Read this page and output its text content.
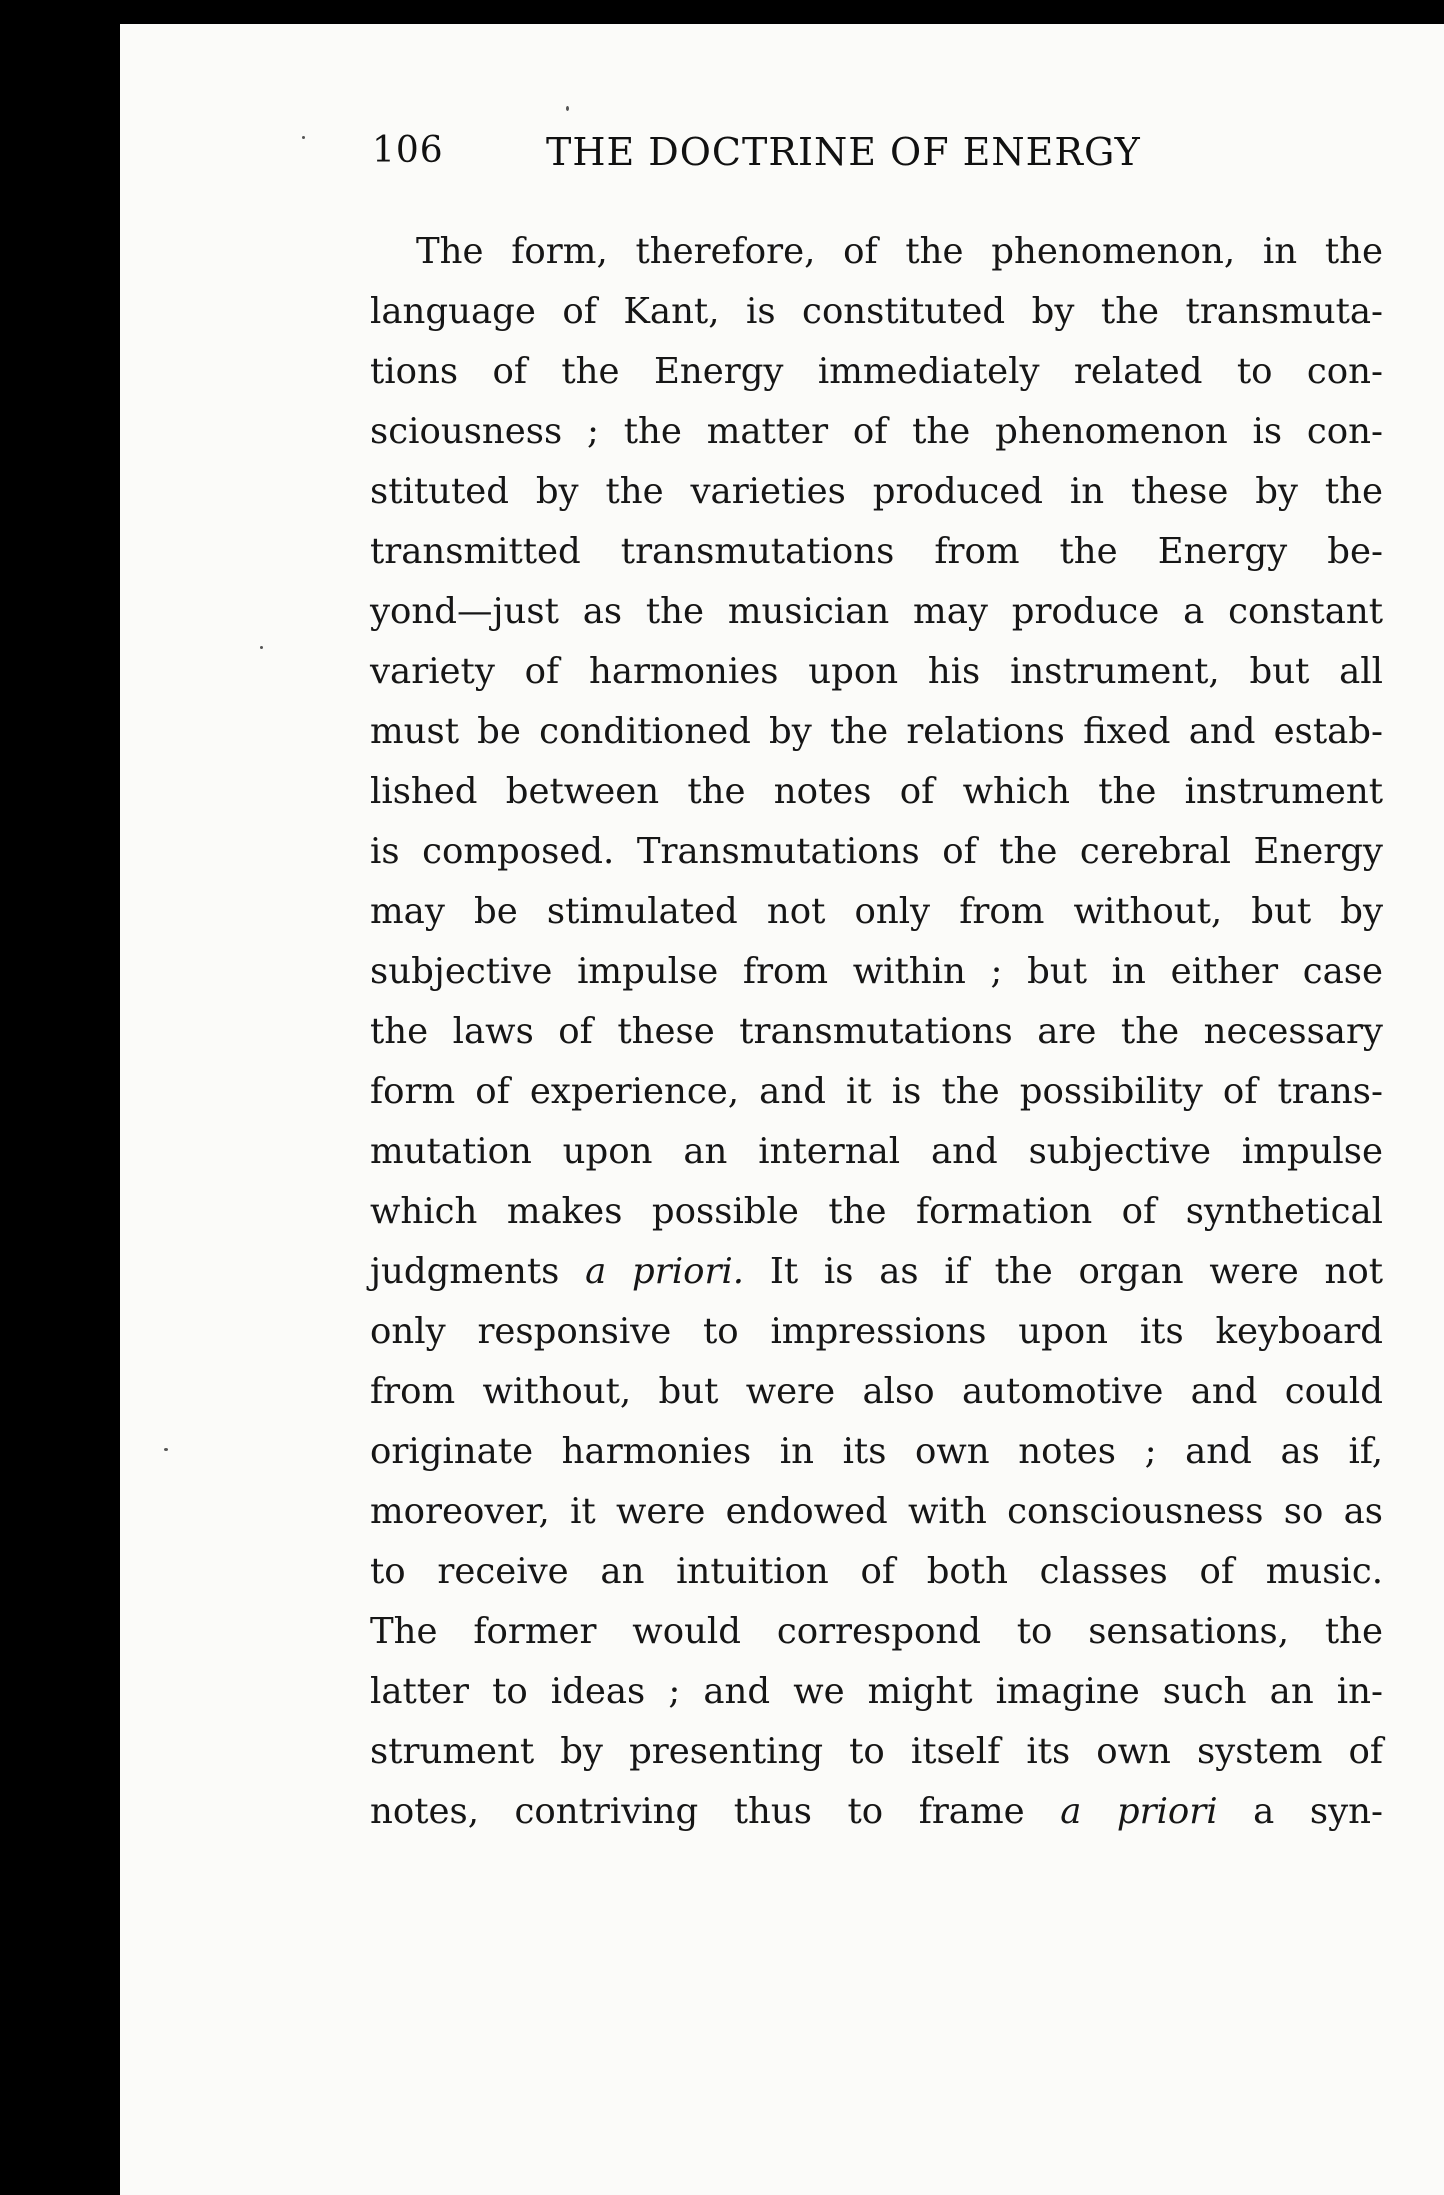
106	THE DOCTRINE OF ENERGY
The form, therefore, of the phenomenon, in the
language of Kant, is constituted by the transmuta-
tions of the Energy immediately related to con-
sciousness ; the matter of the phenomenon is con-
stituted by the varieties produced in these by the
transmitted transmutations from the Energy be-
yond—just as the musician may produce a constant
variety of harmonies upon his instrument, but all
must be conditioned by the relations fixed and estab-
lished between the notes of which the instrument
is composed. Transmutations of the cerebral Energy
may be stimulated not only from without, but by
subjective impulse from within ; but in either case
the laws of these transmutations are the necessary
form of experience, and it is the possibility of trans-
mutation upon an internal and subjective impulse
which makes possible the formation of synthetical
judgments a priori. It is as if the organ were not
only responsive to impressions upon its keyboard
from without, but were also automotive and could
originate harmonies in its own notes ; and as if,
moreover, it were endowed with consciousness so as
to receive an intuition of both classes of music.
The former would correspond to sensations, the
latter to ideas ; and we might imagine such an in-
strument by presenting to itself its own system of
notes, contriving thus to frame a priori a syn-
